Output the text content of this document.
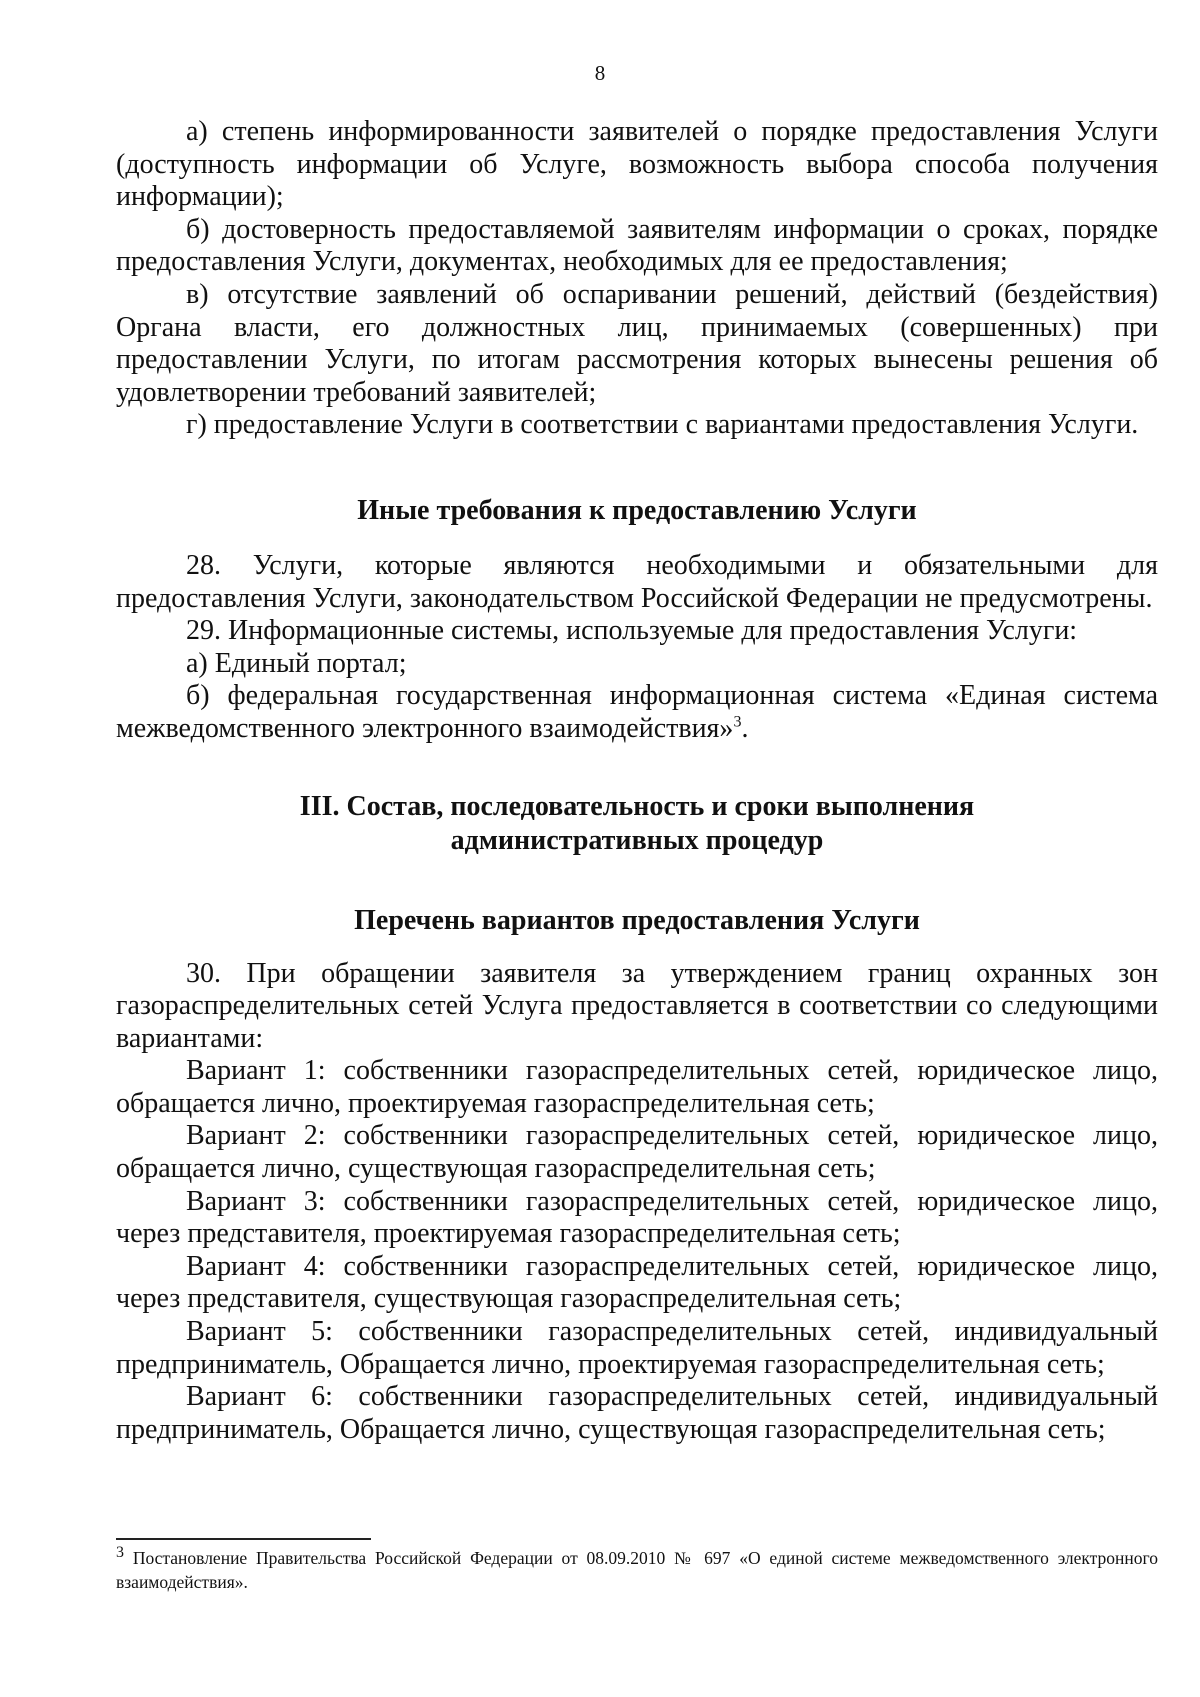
8

а) степень информированности заявителей о порядке предоставления Услуги (доступность информации об Услуге, возможность выбора способа получения информации);

б) достоверность предоставляемой заявителям информации о сроках, порядке предоставления Услуги, документах, необходимых для ее предоставления;

в) отсутствие заявлений об оспаривании решений, действий (бездействия) Органа власти, его должностных лиц, принимаемых (совершенных) при предоставлении Услуги, по итогам рассмотрения которых вынесены решения об удовлетворении требований заявителей;

г) предоставление Услуги в соответствии с вариантами предоставления Услуги.

Иные требования к предоставлению Услуги

28. Услуги, которые являются необходимыми и обязательными для предоставления Услуги, законодательством Российской Федерации не предусмотрены.

29. Информационные системы, используемые для предоставления Услуги:

а) Единый портал;

б) федеральная государственная информационная система «Единая система межведомственного электронного взаимодействия»$^3$.

III. Состав, последовательность и сроки выполнения административных процедур
Перечень вариантов предоставления Услуги

30. При обращении заявителя за утверждением границ охранных зон газораспределительных сетей Услуга предоставляется в соответствии со следующими вариантами:

Вариант 1: собственники газораспределительных сетей, юридическое лицо, обращается лично, проектируемая газораспределительная сеть;

Вариант 2: собственники газораспределительных сетей, юридическое лицо, обращается лично, существующая газораспределительная сеть;

Вариант 3: собственники газораспределительных сетей, юридическое лицо, через представителя, проектируемая газораспределительная сеть;

Вариант 4: собственники газораспределительных сетей, юридическое лицо, через представителя, существующая газораспределительная сеть;

Вариант 5: собственники газораспределительных сетей, индивидуальный предприниматель, Обращается лично, проектируемая газораспределительная сеть;

Вариант 6: собственники газораспределительных сетей, индивидуальный предприниматель, Обращается лично, существующая газораспределительная сеть;

$^3$ Постановление Правительства Российской Федерации от 08.09.2010 № 697 «О единой системе межведомственного электронного взаимодействия».
